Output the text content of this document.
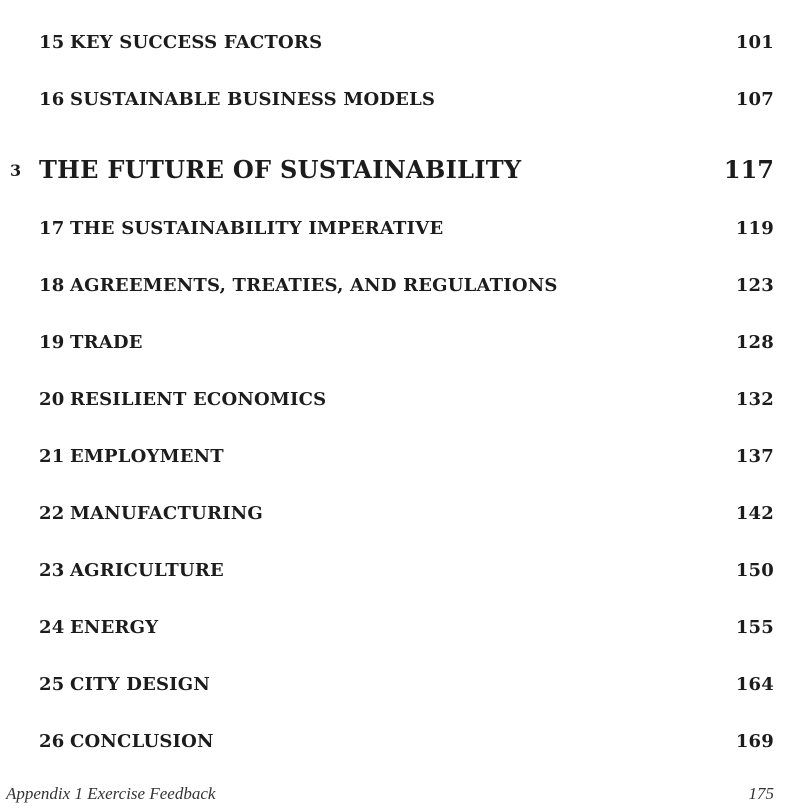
15 KEY SUCCESS FACTORS	101
16 SUSTAINABLE BUSINESS MODELS	107
3 THE FUTURE OF SUSTAINABILITY	117
17 THE SUSTAINABILITY IMPERATIVE	119
18 AGREEMENTS, TREATIES, AND REGULATIONS	123
19 TRADE	128
20 RESILIENT ECONOMICS	132
21 EMPLOYMENT	137
22 MANUFACTURING	142
23 AGRICULTURE	150
24 ENERGY	155
25 CITY DESIGN	164
26 CONCLUSION	169
Appendix 1 Exercise Feedback	175
